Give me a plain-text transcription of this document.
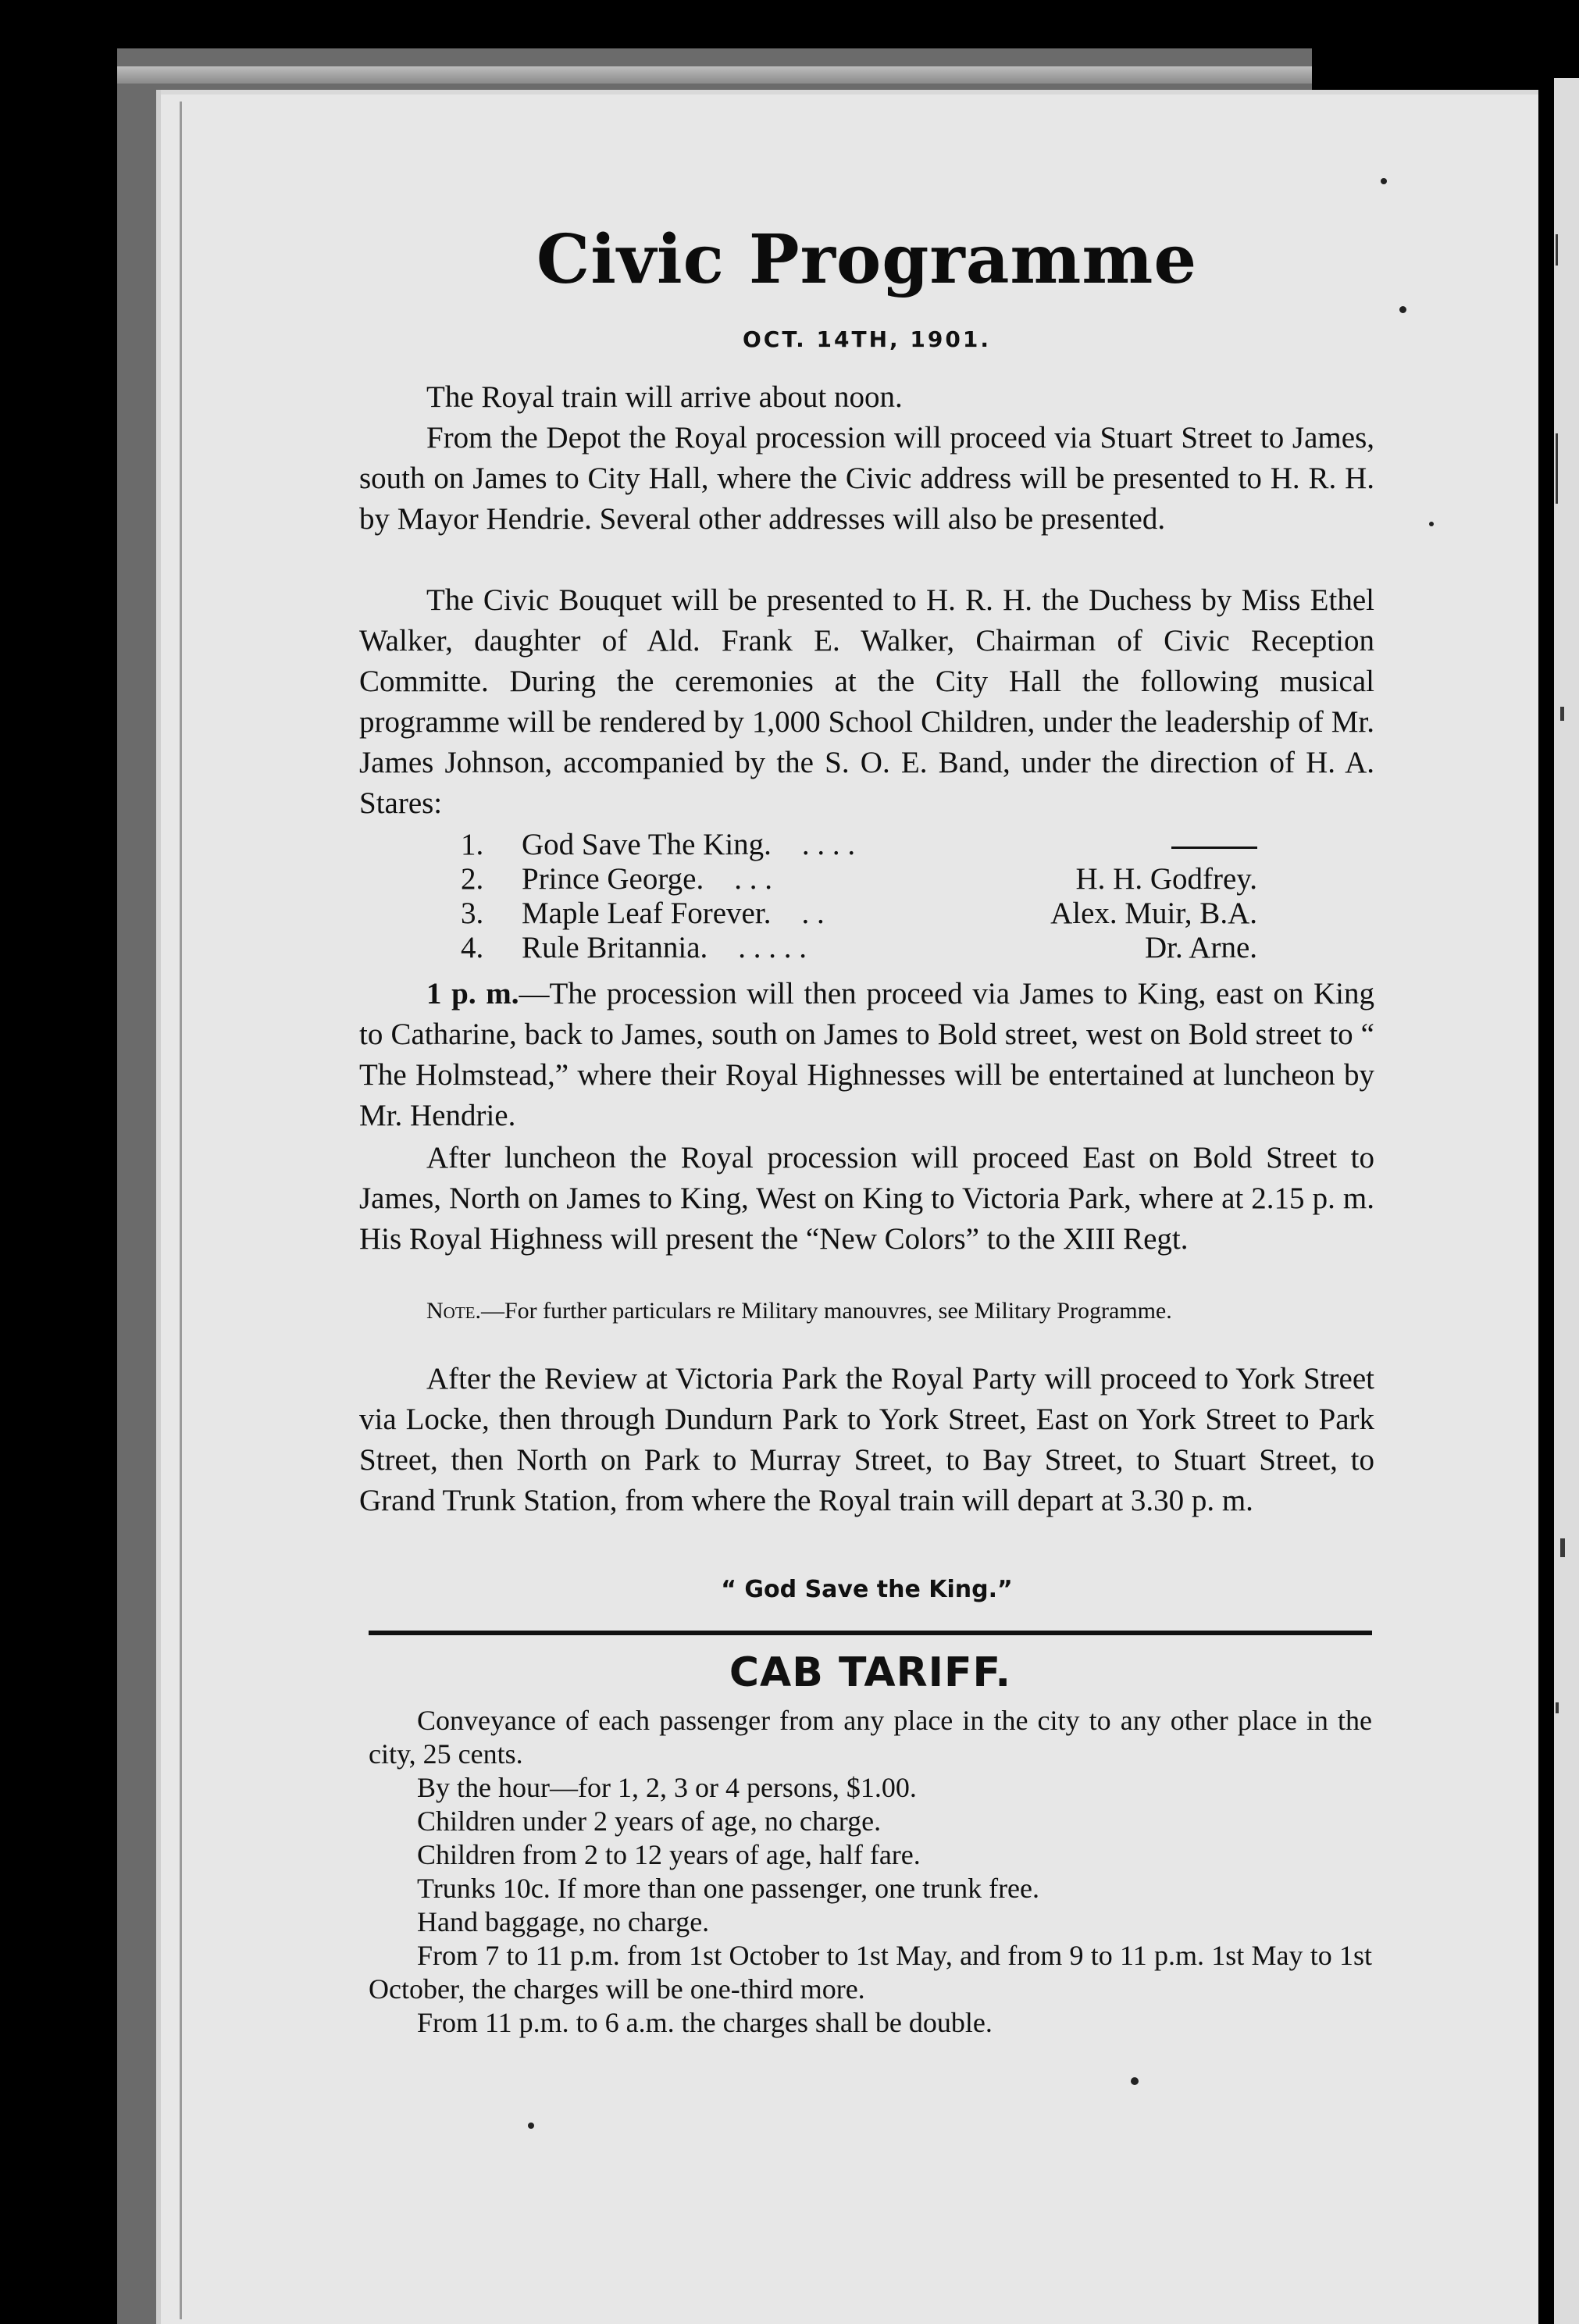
Civic Programme
OCT. 14TH, 1901.

The Royal train will arrive about noon.

From the Depot the Royal procession will proceed via Stuart Street to James, south on James to City Hall, where the Civic address will be presented to H. R. H. by Mayor Hendrie. Several other addresses will also be presented.

The Civic Bouquet will be presented to H. R. H. the Duchess by Miss Ethel Walker, daughter of Ald. Frank E. Walker, Chairman of Civic Reception Committe. During the ceremonies at the City Hall the following musical programme will be rendered by 1,000 School Children, under the leadership of Mr. James Johnson, accompanied by the S. O. E. Band, under the direction of H. A. Stares:

1.	God Save The King. . . . .
2.	Prince George. . . .	H. H. Godfrey.
3.	Maple Leaf Forever. . .	Alex. Muir, B.A.
4.	Rule Britannia. . . . . .	Dr. Arne.

1 p. m.—The procession will then proceed via James to King, east on King to Catharine, back to James, south on James to Bold street, west on Bold street to “ The Holmstead,” where their Royal Highnesses will be entertained at luncheon by Mr. Hendrie.

After luncheon the Royal procession will proceed East on Bold Street to James, North on James to King, West on King to Victoria Park, where at 2.15 p. m. His Royal Highness will present the “New Colors” to the XIII Regt.

Note.—For further particulars re Military manouvres, see Military Programme.

After the Review at Victoria Park the Royal Party will proceed to York Street via Locke, then through Dundurn Park to York Street, East on York Street to Park Street, then North on Park to Murray Street, to Bay Street, to Stuart Street, to Grand Trunk Station, from where the Royal train will depart at 3.30 p. m.

“ God Save the King.”
CAB TARIFF.

Conveyance of each passenger from any place in the city to any other place in the city, 25 cents.

By the hour—for 1, 2, 3 or 4 persons, $1.00.

Children under 2 years of age, no charge.

Children from 2 to 12 years of age, half fare.

Trunks 10c. If more than one passenger, one trunk free.

Hand baggage, no charge.

From 7 to 11 p.m. from 1st October to 1st May, and from 9 to 11 p.m. 1st May to 1st October, the charges will be one-third more.

From 11 p.m. to 6 a.m. the charges shall be double.
